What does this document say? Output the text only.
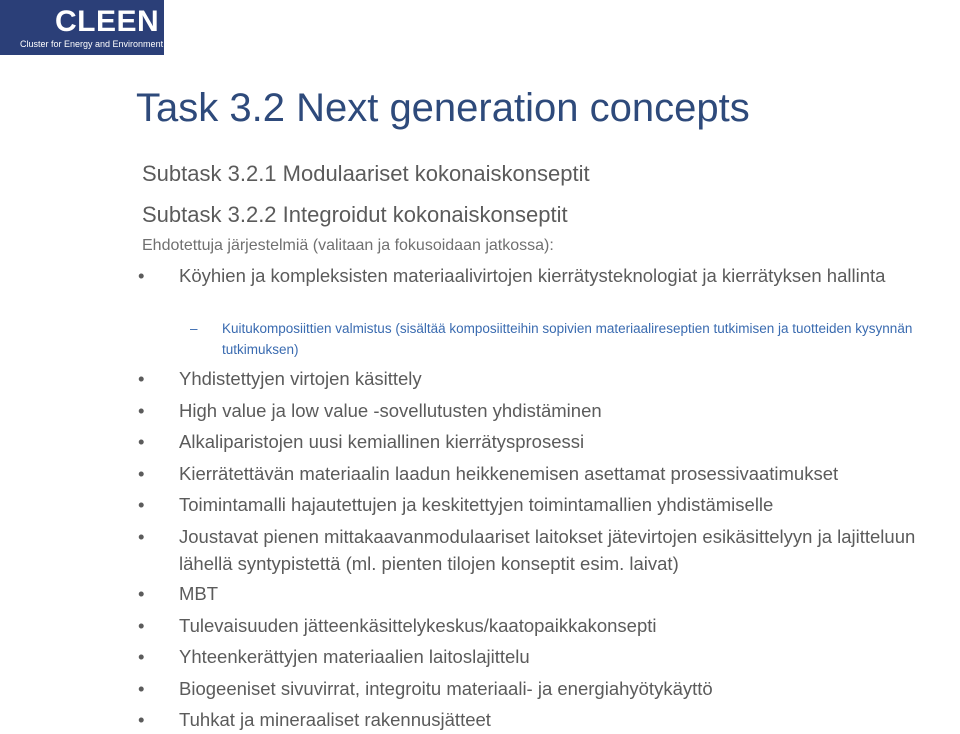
CLEEN
Cluster for Energy and Environment
Task 3.2 Next generation concepts

Subtask 3.2.1 Modulaariset kokonaiskonseptit

Subtask 3.2.2 Integroidut kokonaiskonseptit

Ehdotettuja järjestelmiä (valitaan ja fokusoidaan jatkossa):

•	Köyhien ja kompleksisten materiaalivirtojen kierrätysteknologiat ja kierrätyksen hallinta
– Kuitukomposiittien valmistus (sisältää komposiitteihin sopivien materiaalireseptien tutkimisen ja tuotteiden kysynnän tutkimuksen)
•	Yhdistettyjen virtojen käsittely
•	High value ja low value -sovellutusten yhdistäminen
•	Alkaliparistojen uusi kemiallinen kierrätysprosessi
•	Kierrätettävän materiaalin laadun heikkenemisen asettamat prosessivaatimukset
•	Toimintamalli hajautettujen ja keskitettyjen toimintamallien yhdistämiselle
•	Joustavat pienen mittakaavanmodulaariset laitokset jätevirtojen esikäsittelyyn ja lajitteluun lähellä syntypistettä (ml. pienten tilojen konseptit esim. laivat)
•	MBT
•	Tulevaisuuden jätteenkäsittelykeskus/kaatopaikkakonsepti
•	Yhteenkerättyjen materiaalien laitoslajittelu
•	Biogeeniset sivuvirrat, integroitu materiaali- ja energiahyötykäyttö
•	Tuhkat ja mineraaliset rakennusjätteet
